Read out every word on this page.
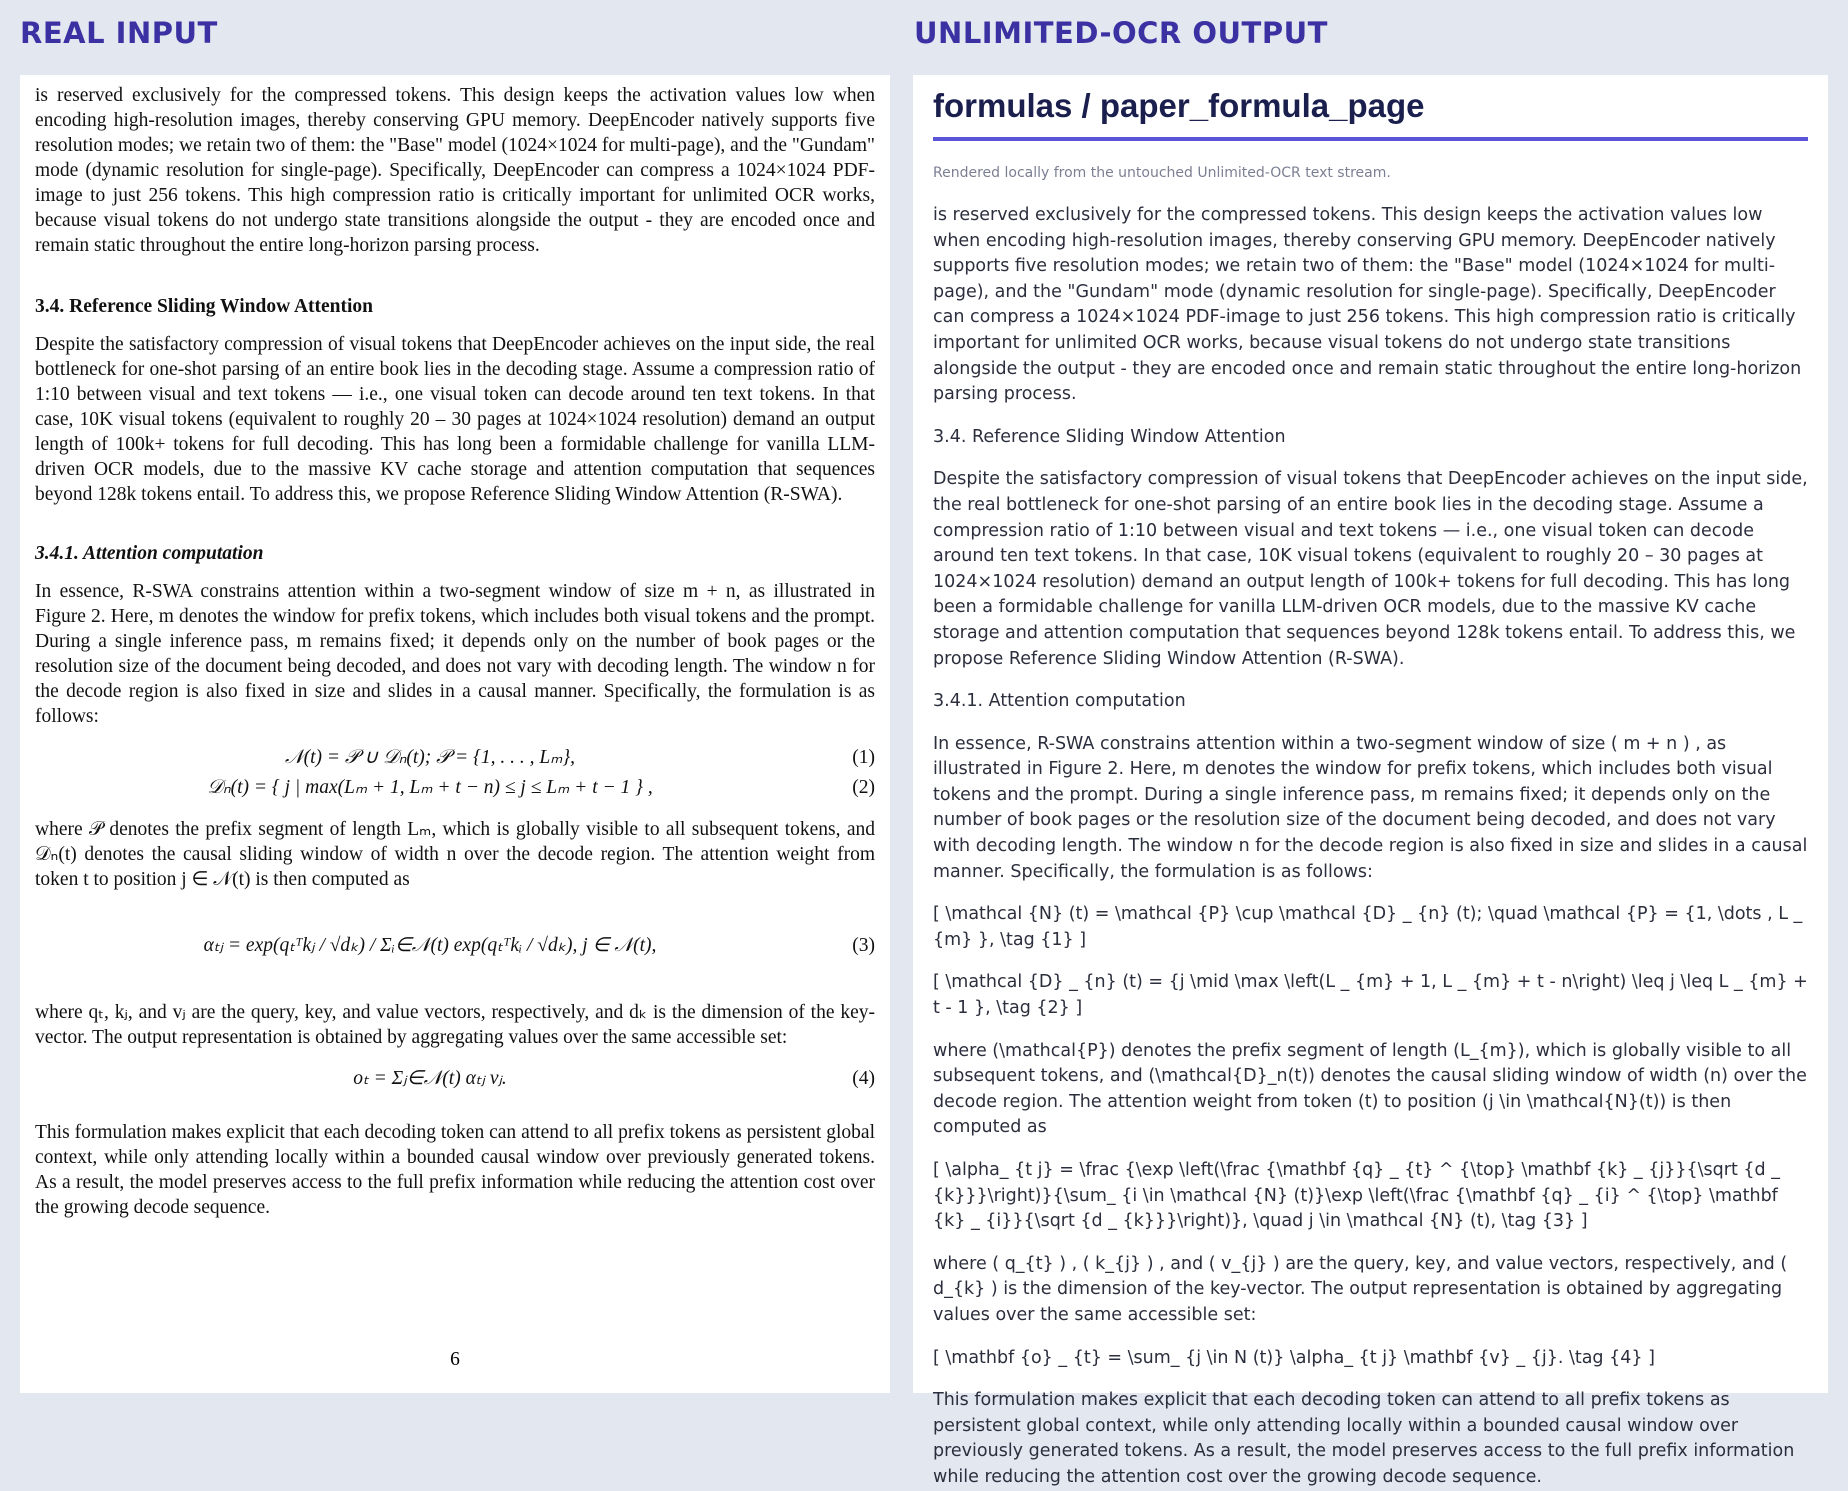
REAL INPUT	UNLIMITED-OCR OUTPUT

is reserved exclusively for the compressed tokens. This design keeps the activation values low when encoding high-resolution images, thereby conserving GPU memory. DeepEncoder natively supports five resolution modes; we retain two of them: the "Base" model (1024×1024 for multi-page), and the "Gundam" mode (dynamic resolution for single-page). Specifically, DeepEncoder can compress a 1024×1024 PDF-image to just 256 tokens. This high compression ratio is critically important for unlimited OCR works, because visual tokens do not undergo state transitions alongside the output - they are encoded once and remain static throughout the entire long-horizon parsing process.

3.4. Reference Sliding Window Attention

Despite the satisfactory compression of visual tokens that DeepEncoder achieves on the input side, the real bottleneck for one-shot parsing of an entire book lies in the decoding stage. Assume a compression ratio of 1:10 between visual and text tokens — i.e., one visual token can decode around ten text tokens. In that case, 10K visual tokens (equivalent to roughly 20 – 30 pages at 1024×1024 resolution) demand an output length of 100k+ tokens for full decoding. This has long been a formidable challenge for vanilla LLM-driven OCR models, due to the massive KV cache storage and attention computation that sequences beyond 128k tokens entail. To address this, we propose Reference Sliding Window Attention (R-SWA).

3.4.1. Attention computation

In essence, R-SWA constrains attention within a two-segment window of size m + n, as illustrated in Figure 2. Here, m denotes the window for prefix tokens, which includes both visual tokens and the prompt. During a single inference pass, m remains fixed; it depends only on the number of book pages or the resolution size of the document being decoded, and does not vary with decoding length. The window n for the decode region is also fixed in size and slides in a causal manner. Specifically, the formulation is as follows:

𝒩(t) = 𝒫 ∪ 𝒟ₙ(t); 𝒫 = {1, . . . , Lₘ},	(1)
𝒟ₙ(t) = { j | max(Lₘ + 1, Lₘ + t − n) ≤ j ≤ Lₘ + t − 1 } ,	(2)

where 𝒫 denotes the prefix segment of length Lₘ, which is globally visible to all subsequent tokens, and 𝒟ₙ(t) denotes the causal sliding window of width n over the decode region. The attention weight from token t to position j ∈ 𝒩(t) is then computed as

αₜⱼ = exp(qₜᵀkⱼ / √dₖ) / Σᵢ∈𝒩(t) exp(qₜᵀkᵢ / √dₖ), j ∈ 𝒩(t),	(3)

where qₜ, kⱼ, and vⱼ are the query, key, and value vectors, respectively, and dₖ is the dimension of the key-vector. The output representation is obtained by aggregating values over the same accessible set:

oₜ = Σⱼ∈𝒩(t) αₜⱼ vⱼ.	(4)

This formulation makes explicit that each decoding token can attend to all prefix tokens as persistent global context, while only attending locally within a bounded causal window over previously generated tokens. As a result, the model preserves access to the full prefix information while reducing the attention cost over the growing decode sequence.

6
formulas / paper_formula_page
Rendered locally from the untouched Unlimited-OCR text stream.

is reserved exclusively for the compressed tokens. This design keeps the activation values low when encoding high-resolution images, thereby conserving GPU memory. DeepEncoder natively supports five resolution modes; we retain two of them: the "Base" model (1024×1024 for multi-page), and the "Gundam" mode (dynamic resolution for single-page). Specifically, DeepEncoder can compress a 1024×1024 PDF-image to just 256 tokens. This high compression ratio is critically important for unlimited OCR works, because visual tokens do not undergo state transitions alongside the output - they are encoded once and remain static throughout the entire long-horizon parsing process.

3.4. Reference Sliding Window Attention

Despite the satisfactory compression of visual tokens that DeepEncoder achieves on the input side, the real bottleneck for one-shot parsing of an entire book lies in the decoding stage. Assume a compression ratio of 1:10 between visual and text tokens — i.e., one visual token can decode around ten text tokens. In that case, 10K visual tokens (equivalent to roughly 20 – 30 pages at 1024×1024 resolution) demand an output length of 100k+ tokens for full decoding. This has long been a formidable challenge for vanilla LLM-driven OCR models, due to the massive KV cache storage and attention computation that sequences beyond 128k tokens entail. To address this, we propose Reference Sliding Window Attention (R-SWA).

3.4.1. Attention computation

In essence, R-SWA constrains attention within a two-segment window of size ( m + n ) , as illustrated in Figure 2. Here, m denotes the window for prefix tokens, which includes both visual tokens and the prompt. During a single inference pass, m remains fixed; it depends only on the number of book pages or the resolution size of the document being decoded, and does not vary with decoding length. The window n for the decode region is also fixed in size and slides in a causal manner. Specifically, the formulation is as follows:

[ \mathcal {N} (t) = \mathcal {P} \cup \mathcal {D} _ {n} (t); \quad \mathcal {P} = {1, \dots , L _ {m} }, \tag {1} ]

[ \mathcal {D} _ {n} (t) = {j \mid \max \left(L _ {m} + 1, L _ {m} + t - n\right) \leq j \leq L _ {m} + t - 1 }, \tag {2} ]

where (\mathcal{P}) denotes the prefix segment of length (L_{m}), which is globally visible to all subsequent tokens, and (\mathcal{D}_n(t)) denotes the causal sliding window of width (n) over the decode region. The attention weight from token (t) to position (j \in \mathcal{N}(t)) is then computed as

[ \alpha_ {t j} = \frac {\exp \left(\frac {\mathbf {q} _ {t} ^ {\top} \mathbf {k} _ {j}}{\sqrt {d _ {k}}}\right)}{\sum_ {i \in \mathcal {N} (t)}\exp \left(\frac {\mathbf {q} _ {i} ^ {\top} \mathbf {k} _ {i}}{\sqrt {d _ {k}}}\right)}, \quad j \in \mathcal {N} (t), \tag {3} ]

where ( q_{t} ) , ( k_{j} ) , and ( v_{j} ) are the query, key, and value vectors, respectively, and ( d_{k} ) is the dimension of the key-vector. The output representation is obtained by aggregating values over the same accessible set:

[ \mathbf {o} _ {t} = \sum_ {j \in N (t)} \alpha_ {t j} \mathbf {v} _ {j}. \tag {4} ]

This formulation makes explicit that each decoding token can attend to all prefix tokens as persistent global context, while only attending locally within a bounded causal window over previously generated tokens. As a result, the model preserves access to the full prefix information while reducing the attention cost over the growing decode sequence.
